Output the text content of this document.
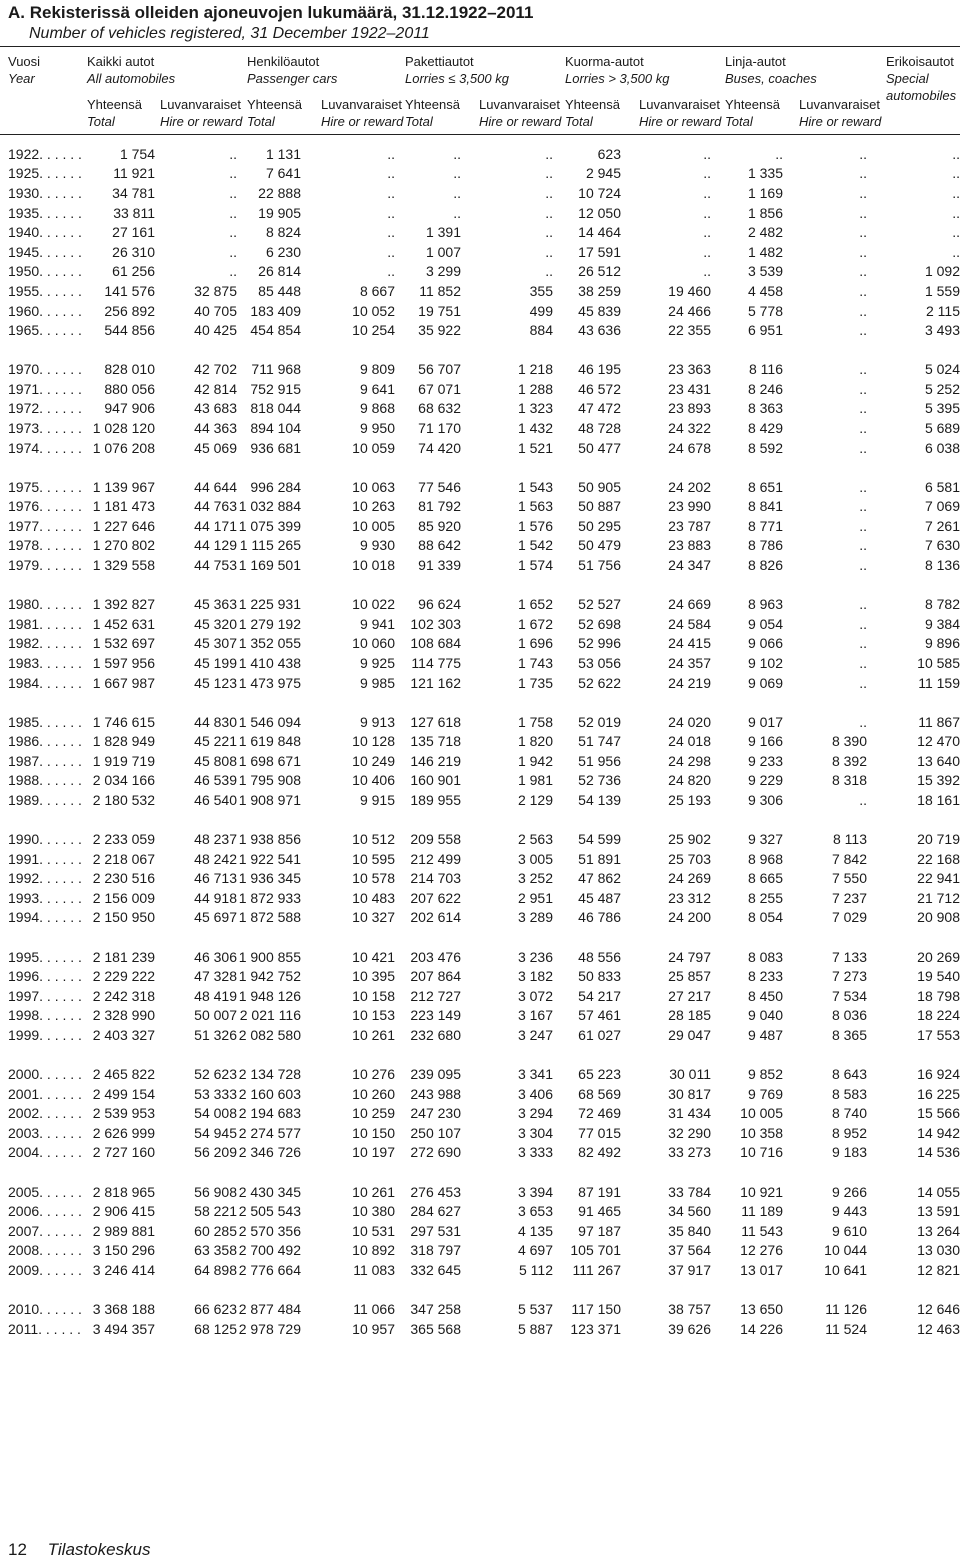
A. Rekisterissä olleiden ajoneuvojen lukumäärä, 31.12.1922–2011
Number of vehicles registered, 31 December 1922–2011
Vuosi
Year
Kaikki autot
All automobiles
Henkilöautot
Passenger cars
Pakettiautot
Lorries ≤ 3,500 kg
Kuorma-autot
Lorries > 3,500 kg
Linja-autot
Buses, coaches
Erikoisautot
Special
automobiles
Yhteensä
Total
Luvanvaraiset
Hire or reward
Yhteensä
Total
Luvanvaraiset
Hire or reward
Yhteensä
Total
Luvanvaraiset
Hire or reward
Yhteensä
Total
Luvanvaraiset
Hire or reward
Yhteensä
Total
Luvanvaraiset
Hire or reward
1922. . . . . .	1 754	..	1 131	..	..	..	623	..	..	..	..
1925. . . . . .	11 921	..	7 641	..	..	..	2 945	..	1 335	..	..
1930. . . . . .	34 781	..	22 888	..	..	..	10 724	..	1 169	..	..
1935. . . . . .	33 811	..	19 905	..	..	..	12 050	..	1 856	..	..
1940. . . . . .	27 161	..	8 824	..	1 391	..	14 464	..	2 482	..	..
1945. . . . . .	26 310	..	6 230	..	1 007	..	17 591	..	1 482	..	..
1950. . . . . .	61 256	..	26 814	..	3 299	..	26 512	..	3 539	..	1 092
1955. . . . . .	141 576	32 875	85 448	8 667	11 852	355	38 259	19 460	4 458	..	1 559
1960. . . . . .	256 892	40 705	183 409	10 052	19 751	499	45 839	24 466	5 778	..	2 115
1965. . . . . .	544 856	40 425	454 854	10 254	35 922	884	43 636	22 355	6 951	..	3 493

1970. . . . . .	828 010	42 702	711 968	9 809	56 707	1 218	46 195	23 363	8 116	..	5 024
1971. . . . . .	880 056	42 814	752 915	9 641	67 071	1 288	46 572	23 431	8 246	..	5 252
1972. . . . . .	947 906	43 683	818 044	9 868	68 632	1 323	47 472	23 893	8 363	..	5 395
1973. . . . . .	1 028 120	44 363	894 104	9 950	71 170	1 432	48 728	24 322	8 429	..	5 689
1974. . . . . .	1 076 208	45 069	936 681	10 059	74 420	1 521	50 477	24 678	8 592	..	6 038

1975. . . . . .	1 139 967	44 644	996 284	10 063	77 546	1 543	50 905	24 202	8 651	..	6 581
1976. . . . . .	1 181 473	44 763	1 032 884	10 263	81 792	1 563	50 887	23 990	8 841	..	7 069
1977. . . . . .	1 227 646	44 171	1 075 399	10 005	85 920	1 576	50 295	23 787	8 771	..	7 261
1978. . . . . .	1 270 802	44 129	1 115 265	9 930	88 642	1 542	50 479	23 883	8 786	..	7 630
1979. . . . . .	1 329 558	44 753	1 169 501	10 018	91 339	1 574	51 756	24 347	8 826	..	8 136

1980. . . . . .	1 392 827	45 363	1 225 931	10 022	96 624	1 652	52 527	24 669	8 963	..	8 782
1981. . . . . .	1 452 631	45 320	1 279 192	9 941	102 303	1 672	52 698	24 584	9 054	..	9 384
1982. . . . . .	1 532 697	45 307	1 352 055	10 060	108 684	1 696	52 996	24 415	9 066	..	9 896
1983. . . . . .	1 597 956	45 199	1 410 438	9 925	114 775	1 743	53 056	24 357	9 102	..	10 585
1984. . . . . .	1 667 987	45 123	1 473 975	9 985	121 162	1 735	52 622	24 219	9 069	..	11 159

1985. . . . . .	1 746 615	44 830	1 546 094	9 913	127 618	1 758	52 019	24 020	9 017	..	11 867
1986. . . . . .	1 828 949	45 221	1 619 848	10 128	135 718	1 820	51 747	24 018	9 166	8 390	12 470
1987. . . . . .	1 919 719	45 808	1 698 671	10 249	146 219	1 942	51 956	24 298	9 233	8 392	13 640
1988. . . . . .	2 034 166	46 539	1 795 908	10 406	160 901	1 981	52 736	24 820	9 229	8 318	15 392
1989. . . . . .	2 180 532	46 540	1 908 971	9 915	189 955	2 129	54 139	25 193	9 306	..	18 161

1990. . . . . .	2 233 059	48 237	1 938 856	10 512	209 558	2 563	54 599	25 902	9 327	8 113	20 719
1991. . . . . .	2 218 067	48 242	1 922 541	10 595	212 499	3 005	51 891	25 703	8 968	7 842	22 168
1992. . . . . .	2 230 516	46 713	1 936 345	10 578	214 703	3 252	47 862	24 269	8 665	7 550	22 941
1993. . . . . .	2 156 009	44 918	1 872 933	10 483	207 622	2 951	45 487	23 312	8 255	7 237	21 712
1994. . . . . .	2 150 950	45 697	1 872 588	10 327	202 614	3 289	46 786	24 200	8 054	7 029	20 908

1995. . . . . .	2 181 239	46 306	1 900 855	10 421	203 476	3 236	48 556	24 797	8 083	7 133	20 269
1996. . . . . .	2 229 222	47 328	1 942 752	10 395	207 864	3 182	50 833	25 857	8 233	7 273	19 540
1997. . . . . .	2 242 318	48 419	1 948 126	10 158	212 727	3 072	54 217	27 217	8 450	7 534	18 798
1998. . . . . .	2 328 990	50 007	2 021 116	10 153	223 149	3 167	57 461	28 185	9 040	8 036	18 224
1999. . . . . .	2 403 327	51 326	2 082 580	10 261	232 680	3 247	61 027	29 047	9 487	8 365	17 553

2000. . . . . .	2 465 822	52 623	2 134 728	10 276	239 095	3 341	65 223	30 011	9 852	8 643	16 924
2001. . . . . .	2 499 154	53 333	2 160 603	10 260	243 988	3 406	68 569	30 817	9 769	8 583	16 225
2002. . . . . .	2 539 953	54 008	2 194 683	10 259	247 230	3 294	72 469	31 434	10 005	8 740	15 566
2003. . . . . .	2 626 999	54 945	2 274 577	10 150	250 107	3 304	77 015	32 290	10 358	8 952	14 942
2004. . . . . .	2 727 160	56 209	2 346 726	10 197	272 690	3 333	82 492	33 273	10 716	9 183	14 536

2005. . . . . .	2 818 965	56 908	2 430 345	10 261	276 453	3 394	87 191	33 784	10 921	9 266	14 055
2006. . . . . .	2 906 415	58 221	2 505 543	10 380	284 627	3 653	91 465	34 560	11 189	9 443	13 591
2007. . . . . .	2 989 881	60 285	2 570 356	10 531	297 531	4 135	97 187	35 840	11 543	9 610	13 264
2008. . . . . .	3 150 296	63 358	2 700 492	10 892	318 797	4 697	105 701	37 564	12 276	10 044	13 030
2009. . . . . .	3 246 414	64 898	2 776 664	11 083	332 645	5 112	111 267	37 917	13 017	10 641	12 821

2010. . . . . .	3 368 188	66 623	2 877 484	11 066	347 258	5 537	117 150	38 757	13 650	11 126	12 646
2011. . . . . .	3 494 357	68 125	2 978 729	10 957	365 568	5 887	123 371	39 626	14 226	11 524	12 463
12 Tilastokeskus
